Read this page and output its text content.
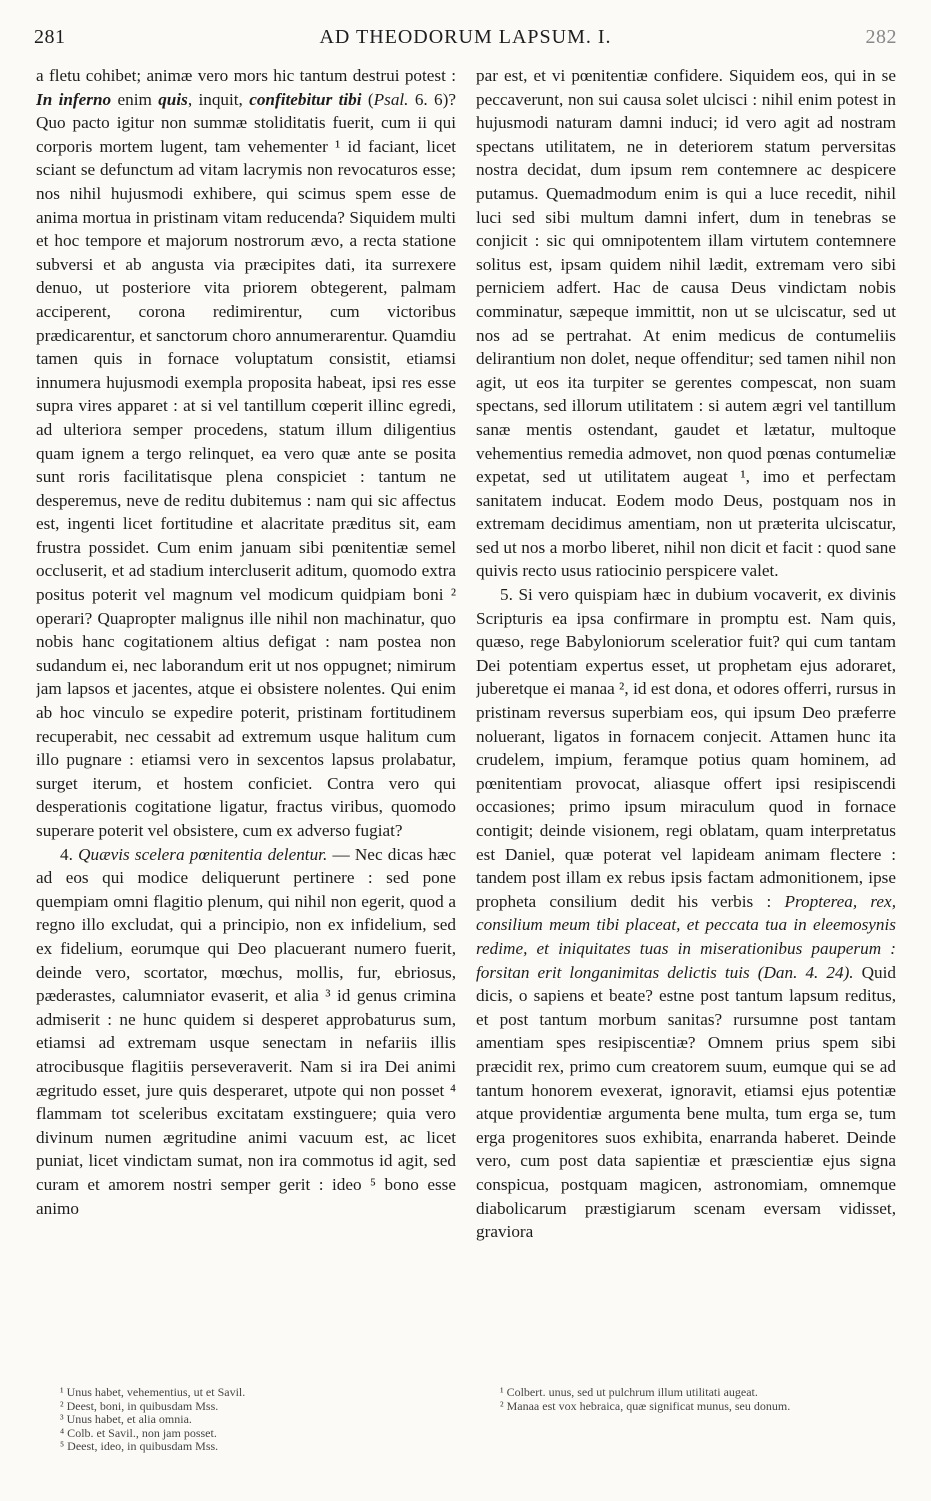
281	AD THEODORUM LAPSUM. I.	282

a fletu cohibet; animæ vero mors hic tantum destrui potest : In inferno enim quis, inquit, confitebitur tibi (Psal. 6. 6)? Quo pacto igitur non summæ stoliditatis fuerit, cum ii qui corporis mortem lugent, tam vehementer ¹ id faciant, licet sciant se defunctum ad vitam lacrymis non revocaturos esse; nos nihil hujusmodi exhibere, qui scimus spem esse de anima mortua in pristinam vitam reducenda? Siquidem multi et hoc tempore et majorum nostrorum ævo, a recta statione subversi et ab angusta via præcipites dati, ita surrexere denuo, ut posteriore vita priorem obtegerent, palmam acciperent, corona redimirentur, cum victoribus prædicarentur, et sanctorum choro annumerarentur. Quamdiu tamen quis in fornace voluptatum consistit, etiamsi innumera hujusmodi exempla proposita habeat, ipsi res esse supra vires apparet : at si vel tantillum cœperit illinc egredi, ad ulteriora semper procedens, statum illum diligentius quam ignem a tergo relinquet, ea vero quæ ante se posita sunt roris facilitatisque plena conspiciet : tantum ne desperemus, neve de reditu dubitemus : nam qui sic affectus est, ingenti licet fortitudine et alacritate præditus sit, eam frustra possidet. Cum enim januam sibi pœnitentiæ semel occluserit, et ad stadium intercluserit aditum, quomodo extra positus poterit vel magnum vel modicum quidpiam boni ² operari? Quapropter malignus ille nihil non machinatur, quo nobis hanc cogitationem altius defigat : nam postea non sudandum ei, nec laborandum erit ut nos oppugnet; nimirum jam lapsos et jacentes, atque ei obsistere nolentes. Qui enim ab hoc vinculo se expedire poterit, pristinam fortitudinem recuperabit, nec cessabit ad extremum usque halitum cum illo pugnare : etiamsi vero in sexcentos lapsus prolabatur, surget iterum, et hostem conficiet. Contra vero qui desperationis cogitatione ligatur, fractus viribus, quomodo superare poterit vel obsistere, cum ex adverso fugiat?

4. Quævis scelera pœnitentia delentur. — Nec dicas hæc ad eos qui modice deliquerunt pertinere : sed pone quempiam omni flagitio plenum, qui nihil non egerit, quod a regno illo excludat, qui a principio, non ex infidelium, sed ex fidelium, eorumque qui Deo placuerant numero fuerit, deinde vero, scortator, mœchus, mollis, fur, ebriosus, pæderastes, calumniator evaserit, et alia ³ id genus crimina admiserit : ne hunc quidem si desperet approbaturus sum, etiamsi ad extremam usque senectam in nefariis illis atrocibusque flagitiis perseveraverit. Nam si ira Dei animi ægritudo esset, jure quis desperaret, utpote qui non posset ⁴ flammam tot sceleribus excitatam exstinguere; quia vero divinum numen ægritudine animi vacuum est, ac licet puniat, licet vindictam sumat, non ira commotus id agit, sed curam et amorem nostri semper gerit : ideo ⁵ bono esse animo

par est, et vi pœnitentiæ confidere. Siquidem eos, qui in se peccaverunt, non sui causa solet ulcisci : nihil enim potest in hujusmodi naturam damni induci; id vero agit ad nostram spectans utilitatem, ne in deteriorem statum perversitas nostra decidat, dum ipsum rem contemnere ac despicere putamus. Quemadmodum enim is qui a luce recedit, nihil luci sed sibi multum damni infert, dum in tenebras se conjicit : sic qui omnipotentem illam virtutem contemnere solitus est, ipsam quidem nihil lædit, extremam vero sibi perniciem adfert. Hac de causa Deus vindictam nobis comminatur, sæpeque immittit, non ut se ulciscatur, sed ut nos ad se pertrahat. At enim medicus de contumeliis delirantium non dolet, neque offenditur; sed tamen nihil non agit, ut eos ita turpiter se gerentes compescat, non suam spectans, sed illorum utilitatem : si autem ægri vel tantillum sanæ mentis ostendant, gaudet et lætatur, multoque vehementius remedia admovet, non quod pœnas contumeliæ expetat, sed ut utilitatem augeat ¹, imo et perfectam sanitatem inducat. Eodem modo Deus, postquam nos in extremam decidimus amentiam, non ut præterita ulciscatur, sed ut nos a morbo liberet, nihil non dicit et facit : quod sane quivis recto usus ratiocinio perspicere valet.

5. Si vero quispiam hæc in dubium vocaverit, ex divinis Scripturis ea ipsa confirmare in promptu est. Nam quis, quæso, rege Babyloniorum sceleratior fuit? qui cum tantam Dei potentiam expertus esset, ut prophetam ejus adoraret, juberetque ei manaa ², id est dona, et odores offerri, rursus in pristinam reversus superbiam eos, qui ipsum Deo præferre noluerant, ligatos in fornacem conjecit. Attamen hunc ita crudelem, impium, feramque potius quam hominem, ad pœnitentiam provocat, aliasque offert ipsi resipiscendi occasiones; primo ipsum miraculum quod in fornace contigit; deinde visionem, regi oblatam, quam interpretatus est Daniel, quæ poterat vel lapideam animam flectere : tandem post illam ex rebus ipsis factam admonitionem, ipse propheta consilium dedit his verbis : Propterea, rex, consilium meum tibi placeat, et peccata tua in eleemosynis redime, et iniquitates tuas in miserationibus pauperum : forsitan erit longanimitas delictis tuis (Dan. 4. 24). Quid dicis, o sapiens et beate? estne post tantum lapsum reditus, et post tantum morbum sanitas? rursumne post tantam amentiam spes resipiscentiæ? Omnem prius spem sibi præcidit rex, primo cum creatorem suum, eumque qui se ad tantum honorem evexerat, ignoravit, etiamsi ejus potentiæ atque providentiæ argumenta bene multa, tum erga se, tum erga progenitores suos exhibita, enarranda haberet. Deinde vero, cum post data sapientiæ et præscientiæ ejus signa conspicua, postquam magicen, astronomiam, omnemque diabolicarum præstigiarum scenam eversam vidisset, graviora

¹ Unus habet, vehementius, ut et Savil.
² Deest, boni, in quibusdam Mss.
³ Unus habet, et alia omnia.
⁴ Colb. et Savil., non jam posset.
⁵ Deest, ideo, in quibusdam Mss.
¹ Colbert. unus, sed ut pulchrum illum utilitati augeat.
² Manaa est vox hebraica, quæ significat munus, seu donum.
